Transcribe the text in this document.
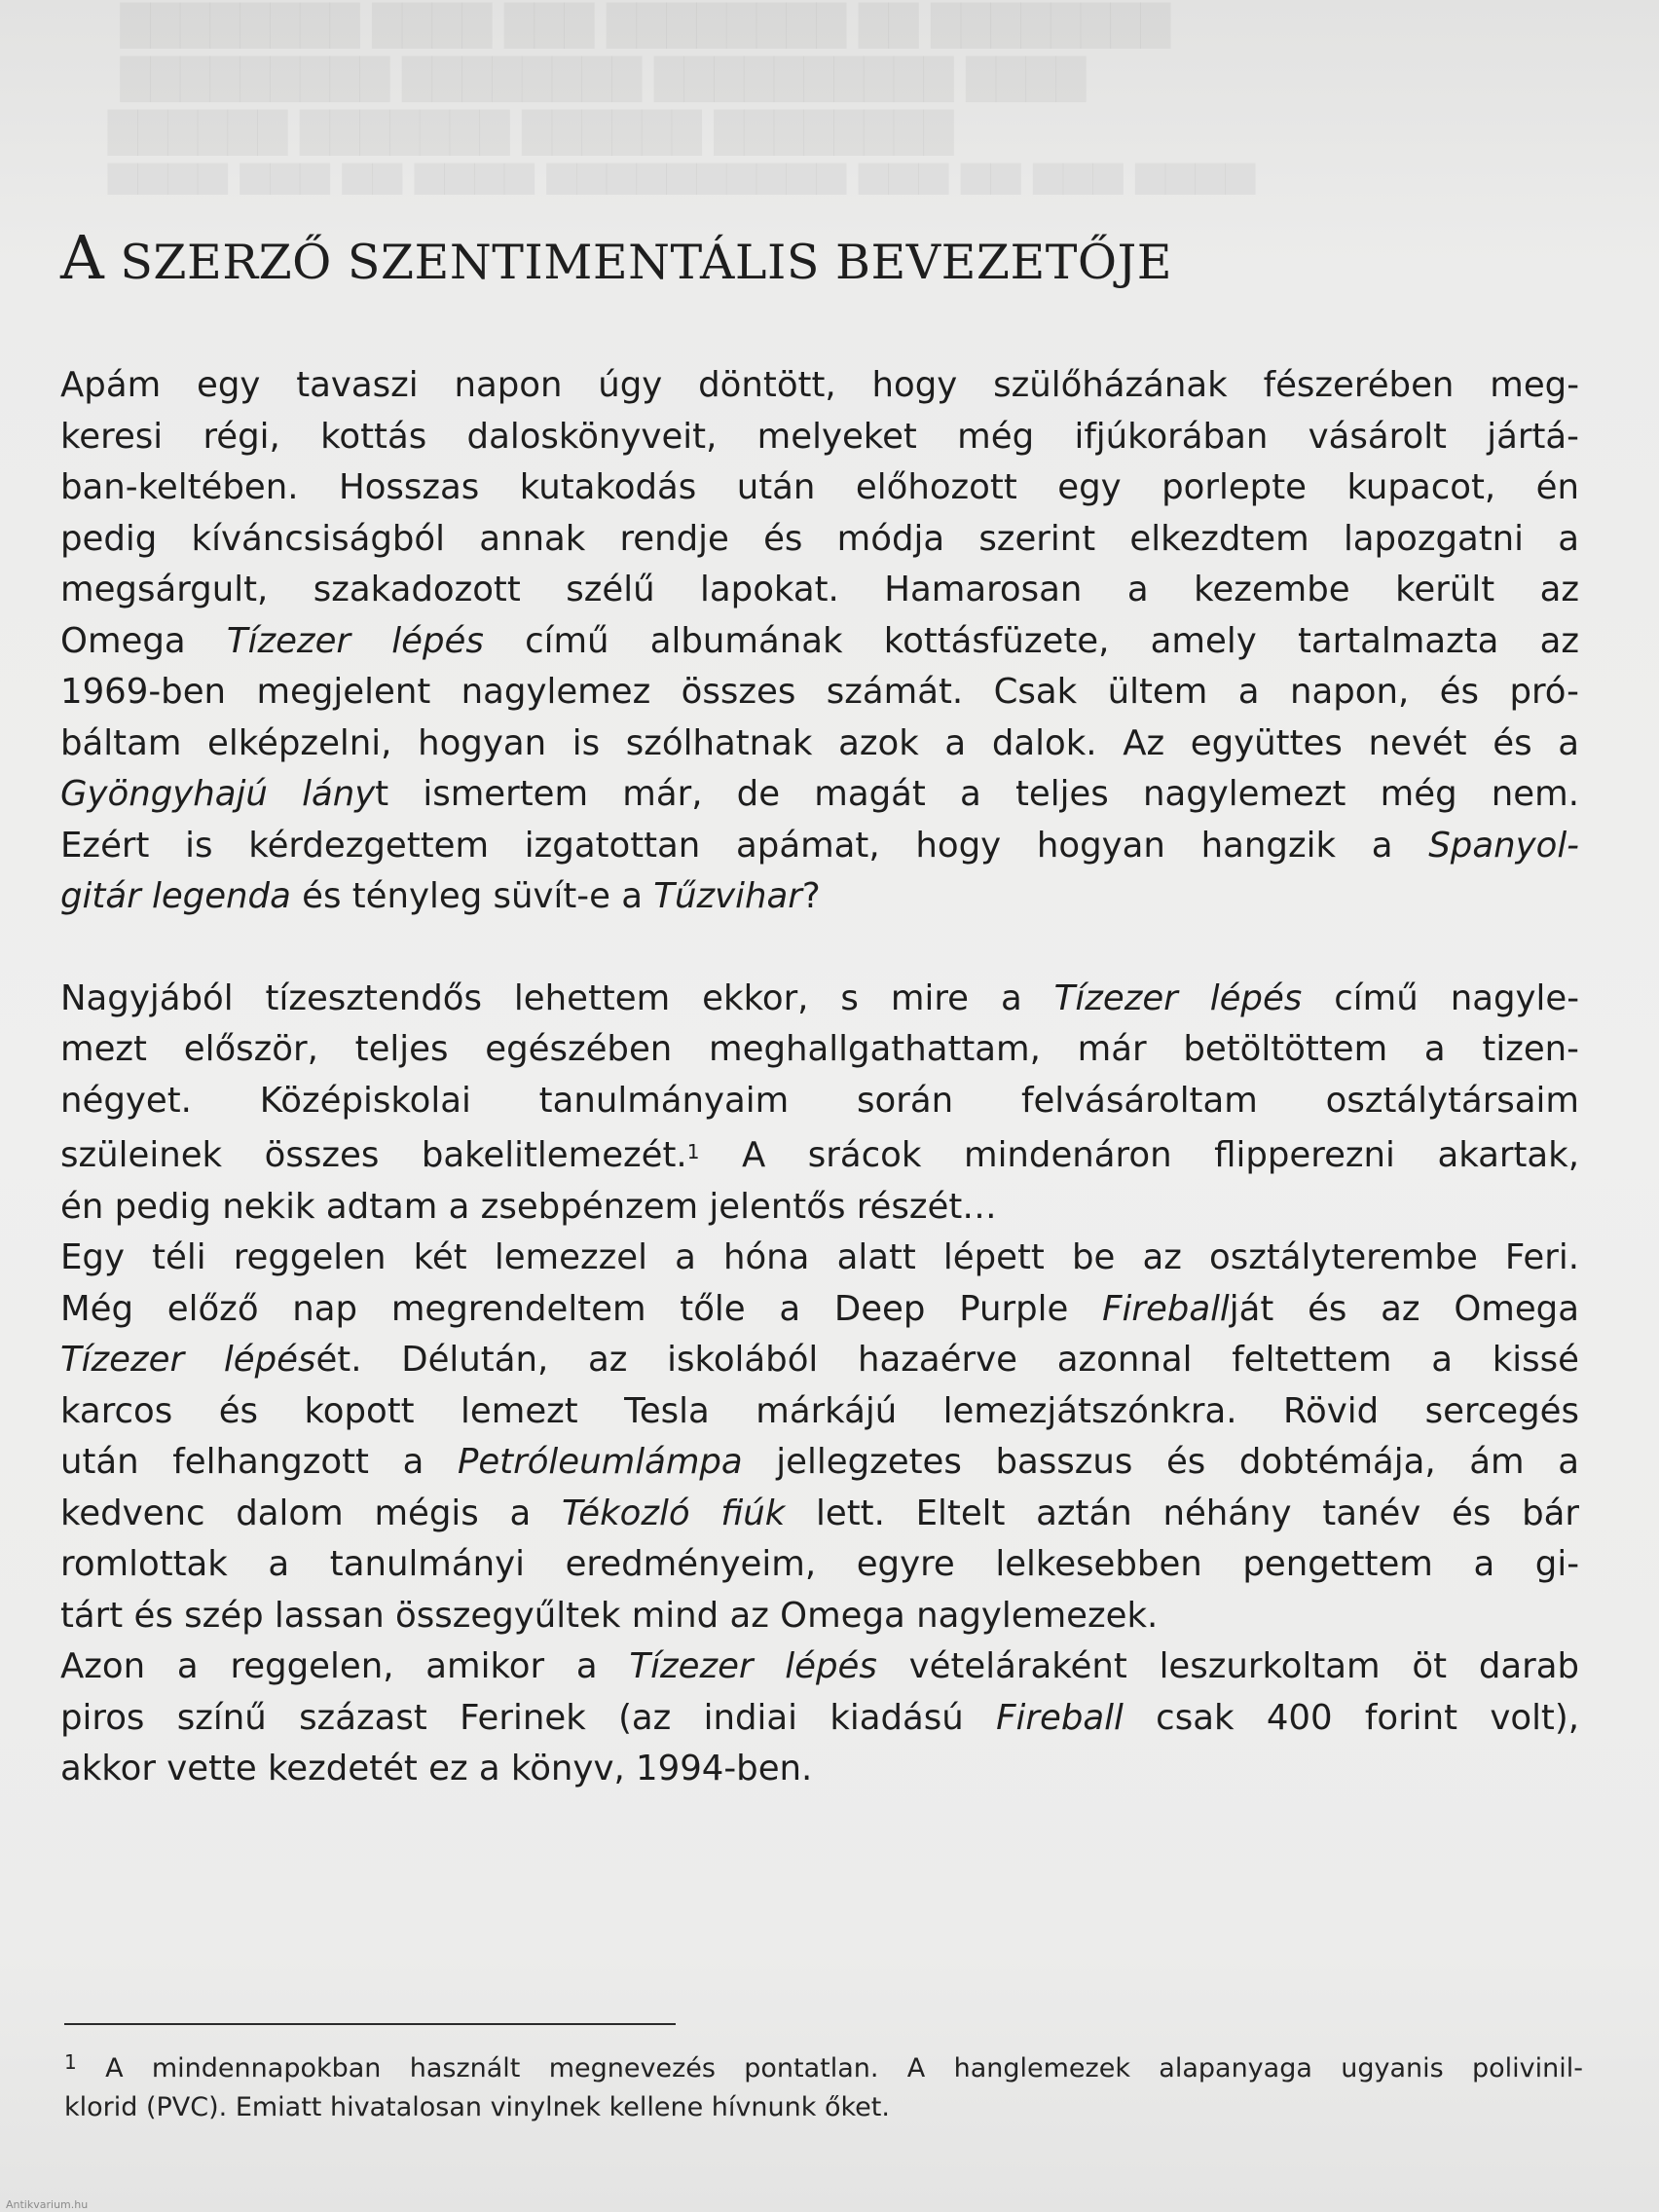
A SZERZŐ SZENTIMENTÁLIS BEVEZETŐJE
Apám egy tavaszi napon úgy döntött, hogy szülőházának fészerében meg-
keresi régi, kottás daloskönyveit, melyeket még ifjúkorában vásárolt jártá-
ban-keltében. Hosszas kutakodás után előhozott egy porlepte kupacot, én
pedig kíváncsiságból annak rendje és módja szerint elkezdtem lapozgatni a
megsárgult, szakadozott szélű lapokat. Hamarosan a kezembe került az
Omega Tízezer lépés című albumának kottásfüzete, amely tartalmazta az
1969-ben megjelent nagylemez összes számát. Csak ültem a napon, és pró-
báltam elképzelni, hogyan is szólhatnak azok a dalok. Az együttes nevét és a
Gyöngyhajú lányt ismertem már, de magát a teljes nagylemezt még nem.
Ezért is kérdezgettem izgatottan apámat, hogy hogyan hangzik a Spanyol-
gitár legenda és tényleg süvít-e a Tűzvihar?
Nagyjából tízesztendős lehettem ekkor, s mire a Tízezer lépés című nagyle-
mezt először, teljes egészében meghallgathattam, már betöltöttem a tizen-
négyet. Középiskolai tanulmányaim során felvásároltam osztálytársaim
szüleinek összes bakelitlemezét.$^1$ A srácok mindenáron flipperezni akartak,
én pedig nekik adtam a zsebpénzem jelentős részét…
Egy téli reggelen két lemezzel a hóna alatt lépett be az osztályterembe Feri.
Még előző nap megrendeltem tőle a Deep Purple Fireballját és az Omega
Tízezer lépését. Délután, az iskolából hazaérve azonnal feltettem a kissé
karcos és kopott lemezt Tesla márkájú lemezjátszónkra. Rövid sercegés
után felhangzott a Petróleumlámpa jellegzetes basszus és dobtémája, ám a
kedvenc dalom mégis a Tékozló fiúk lett. Eltelt aztán néhány tanév és bár
romlottak a tanulmányi eredményeim, egyre lelkesebben pengettem a gi-
tárt és szép lassan összegyűltek mind az Omega nagylemezek.
Azon a reggelen, amikor a Tízezer lépés vételáraként leszurkoltam öt darab
piros színű százast Ferinek (az indiai kiadású Fireball csak 400 forint volt),
akkor vette kezdetét ez a könyv, 1994-ben.
$^1$ A mindennapokban használt megnevezés pontatlan. A hanglemezek alapanyaga ugyanis polivinil-
klorid (PVC). Emiatt hivatalosan vinylnek kellene hívnunk őket.
Antikvarium.hu
